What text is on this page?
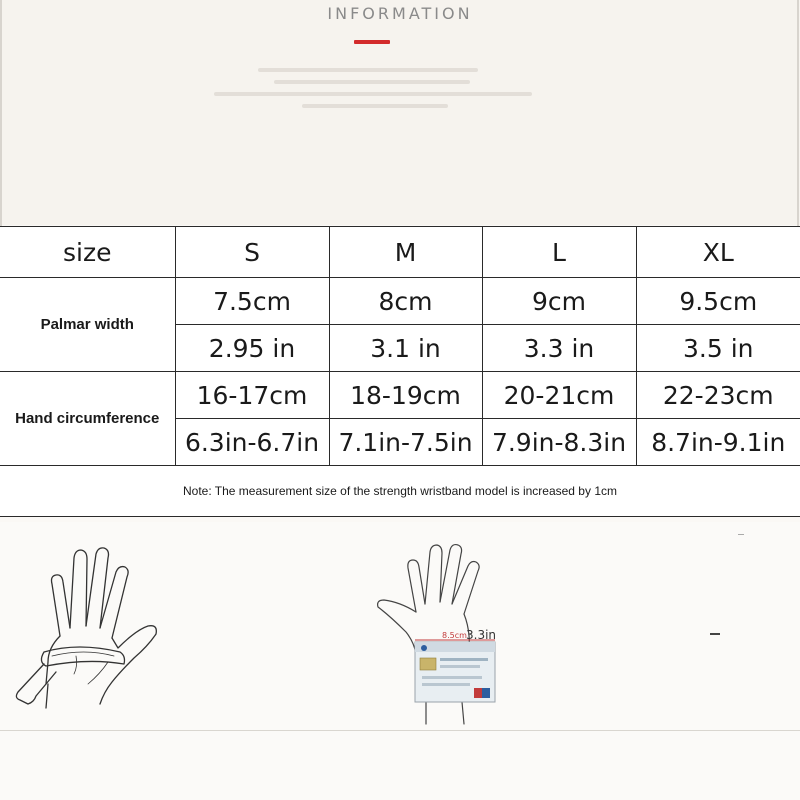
INFORMATION
size	S	M	L	XL
Palmar width	7.5cm	8cm	9cm	9.5cm
	2.95 in	3.1 in	3.3 in	3.5 in
Hand circumference	16-17cm	18-19cm	20-21cm	22-23cm
	6.3in-6.7in	7.1in-7.5in	7.9in-8.3in	8.7in-9.1in
Note: The measurement size of the strength wristband model is increased by 1cm				
8.5cm 3.3in
